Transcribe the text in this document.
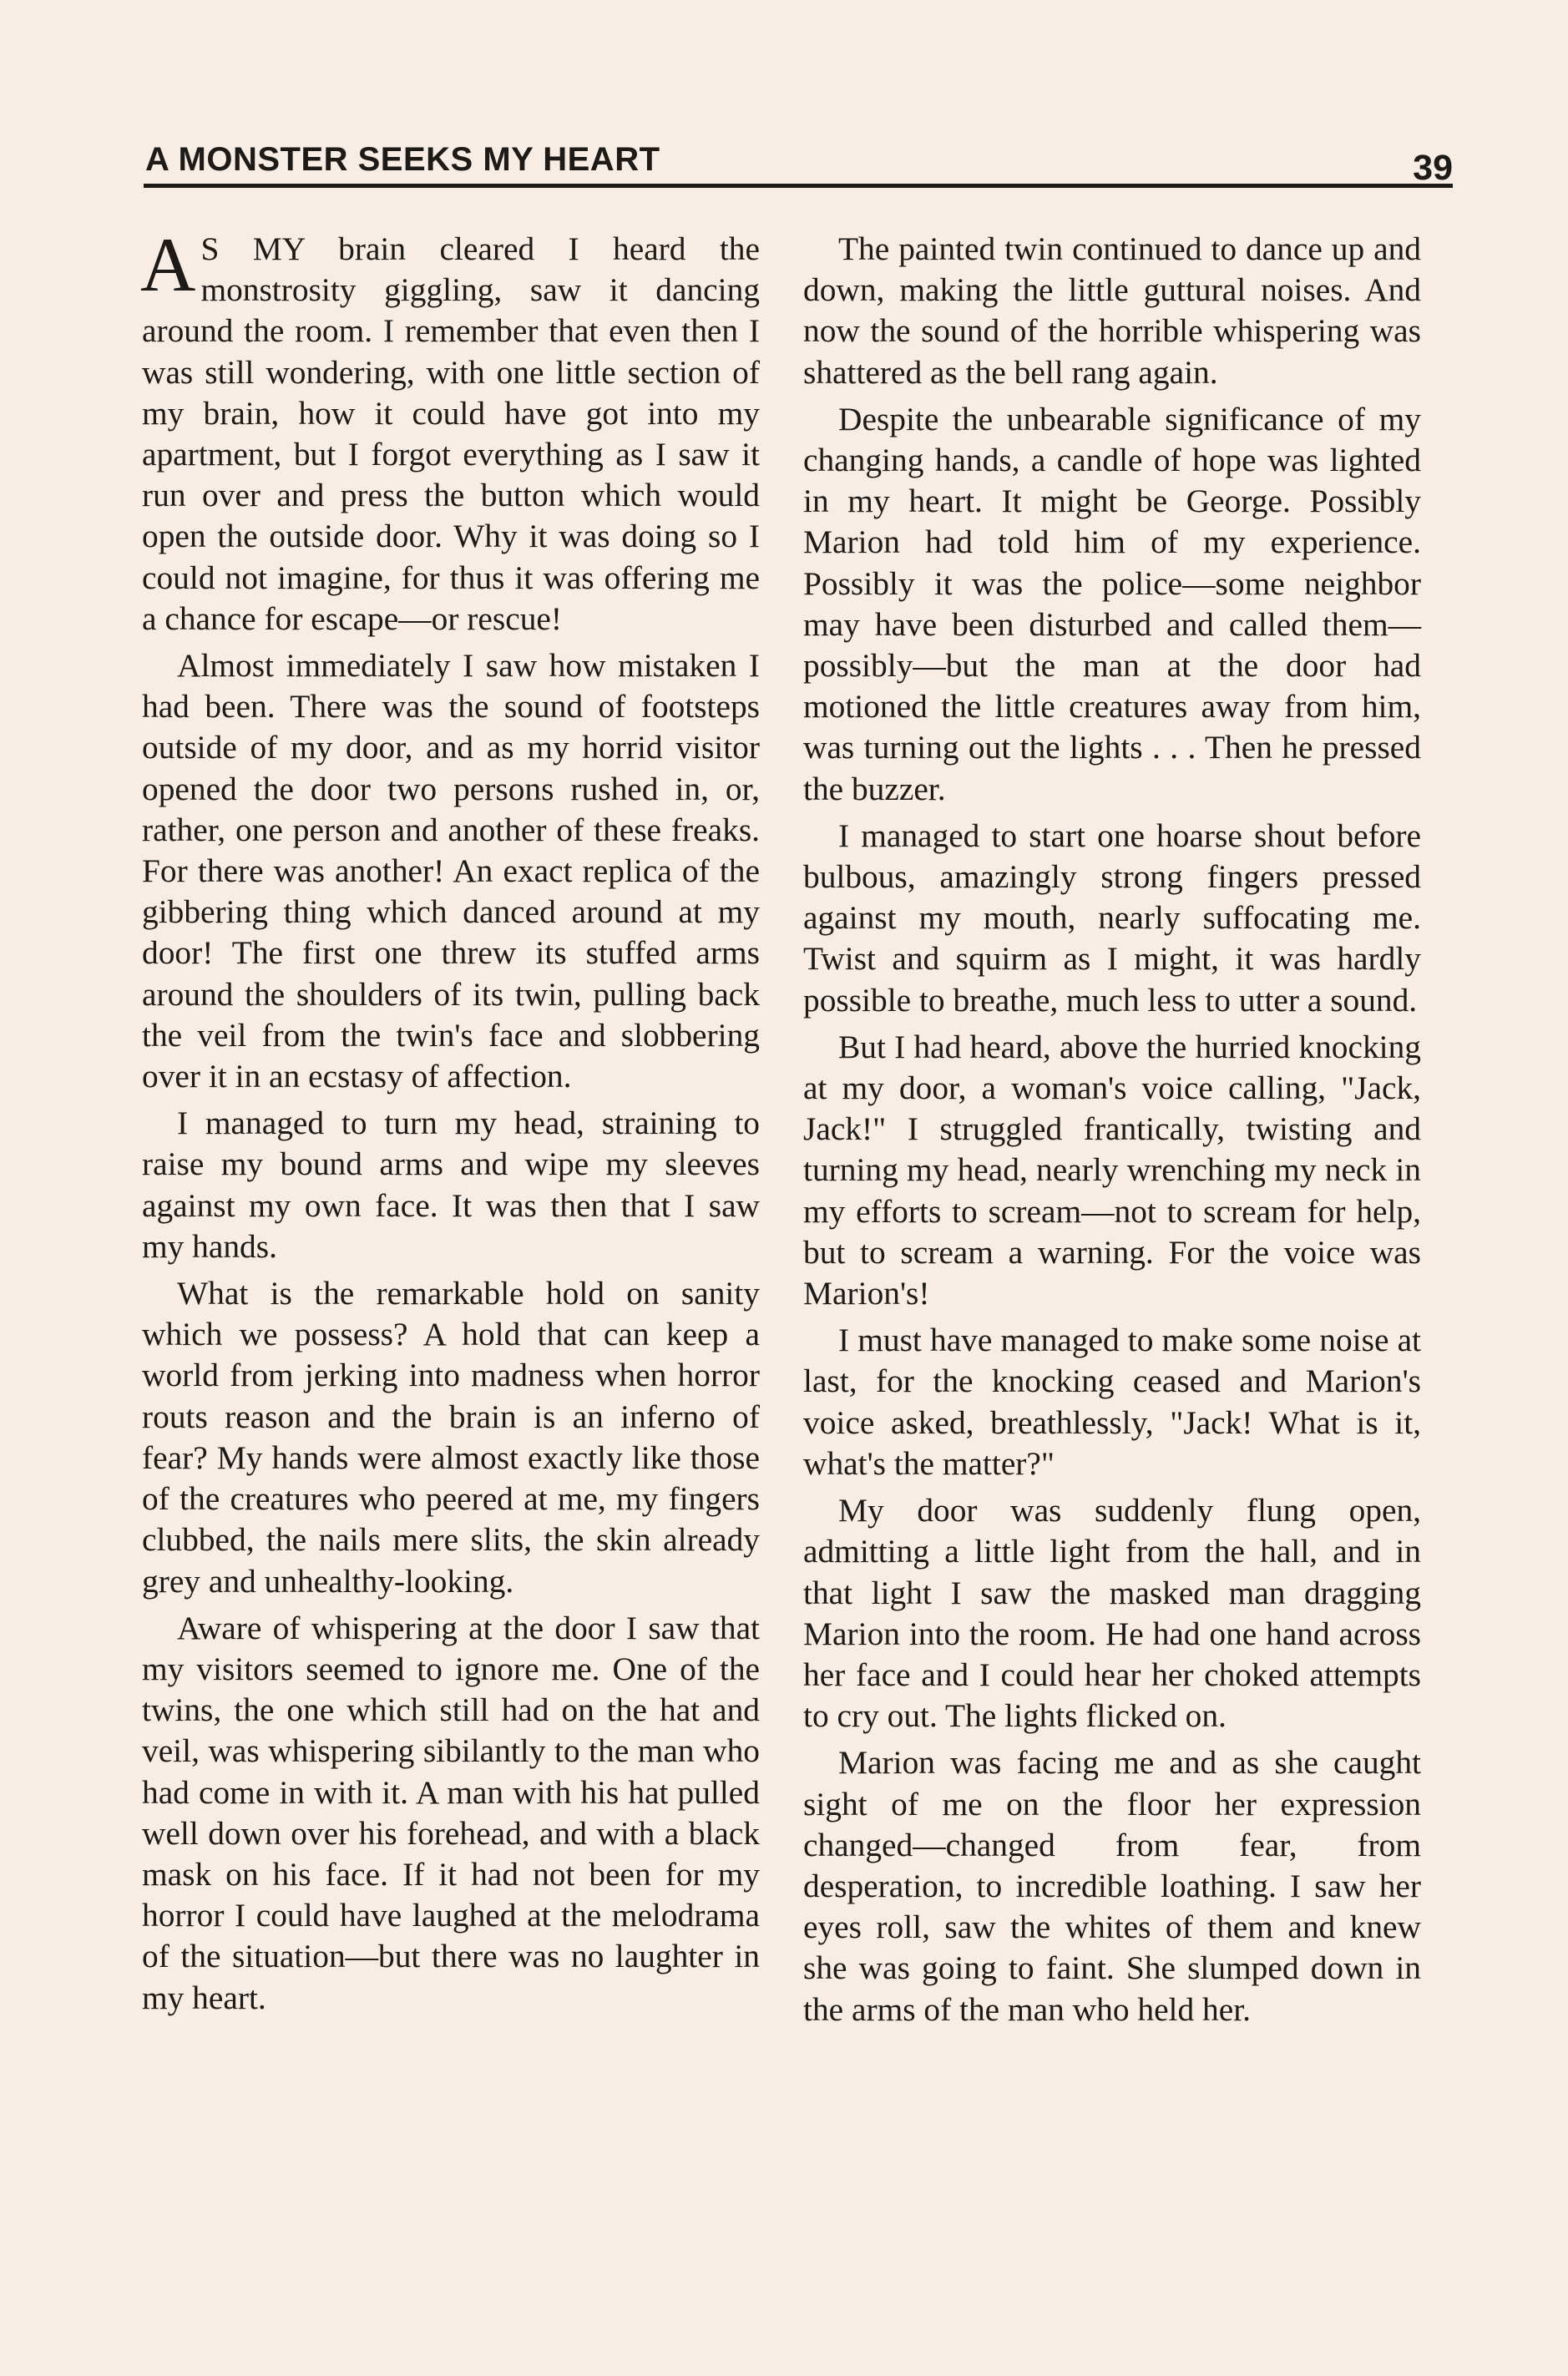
A MONSTER SEEKS MY HEART	39

AS MY brain cleared I heard the monstrosity giggling, saw it dancing around the room. I remember that even then I was still wondering, with one little section of my brain, how it could have got into my apartment, but I forgot everything as I saw it run over and press the button which would open the outside door. Why it was doing so I could not imagine, for thus it was offering me a chance for escape—or rescue!

Almost immediately I saw how mistaken I had been. There was the sound of footsteps outside of my door, and as my horrid visitor opened the door two persons rushed in, or, rather, one person and another of these freaks. For there was another! An exact replica of the gibbering thing which danced around at my door! The first one threw its stuffed arms around the shoulders of its twin, pulling back the veil from the twin's face and slobbering over it in an ecstasy of affection.

I managed to turn my head, straining to raise my bound arms and wipe my sleeves against my own face. It was then that I saw my hands.

What is the remarkable hold on sanity which we possess? A hold that can keep a world from jerking into madness when horror routs reason and the brain is an inferno of fear? My hands were almost exactly like those of the creatures who peered at me, my fingers clubbed, the nails mere slits, the skin already grey and unhealthy-looking.

Aware of whispering at the door I saw that my visitors seemed to ignore me. One of the twins, the one which still had on the hat and veil, was whispering sibilantly to the man who had come in with it. A man with his hat pulled well down over his forehead, and with a black mask on his face. If it had not been for my horror I could have laughed at the melodrama of the situation—but there was no laughter in my heart.

The painted twin continued to dance up and down, making the little guttural noises. And now the sound of the horrible whispering was shattered as the bell rang again.

Despite the unbearable significance of my changing hands, a candle of hope was lighted in my heart. It might be George. Possibly Marion had told him of my experience. Possibly it was the police—some neighbor may have been disturbed and called them—possibly—but the man at the door had motioned the little creatures away from him, was turning out the lights . . . Then he pressed the buzzer.

I managed to start one hoarse shout before bulbous, amazingly strong fingers pressed against my mouth, nearly suffocating me. Twist and squirm as I might, it was hardly possible to breathe, much less to utter a sound.

But I had heard, above the hurried knocking at my door, a woman's voice calling, "Jack, Jack!" I struggled frantically, twisting and turning my head, nearly wrenching my neck in my efforts to scream—not to scream for help, but to scream a warning. For the voice was Marion's!

I must have managed to make some noise at last, for the knocking ceased and Marion's voice asked, breathlessly, "Jack! What is it, what's the matter?"

My door was suddenly flung open, admitting a little light from the hall, and in that light I saw the masked man dragging Marion into the room. He had one hand across her face and I could hear her choked attempts to cry out. The lights flicked on.

Marion was facing me and as she caught sight of me on the floor her expression changed—changed from fear, from desperation, to incredible loathing. I saw her eyes roll, saw the whites of them and knew she was going to faint. She slumped down in the arms of the man who held her.
